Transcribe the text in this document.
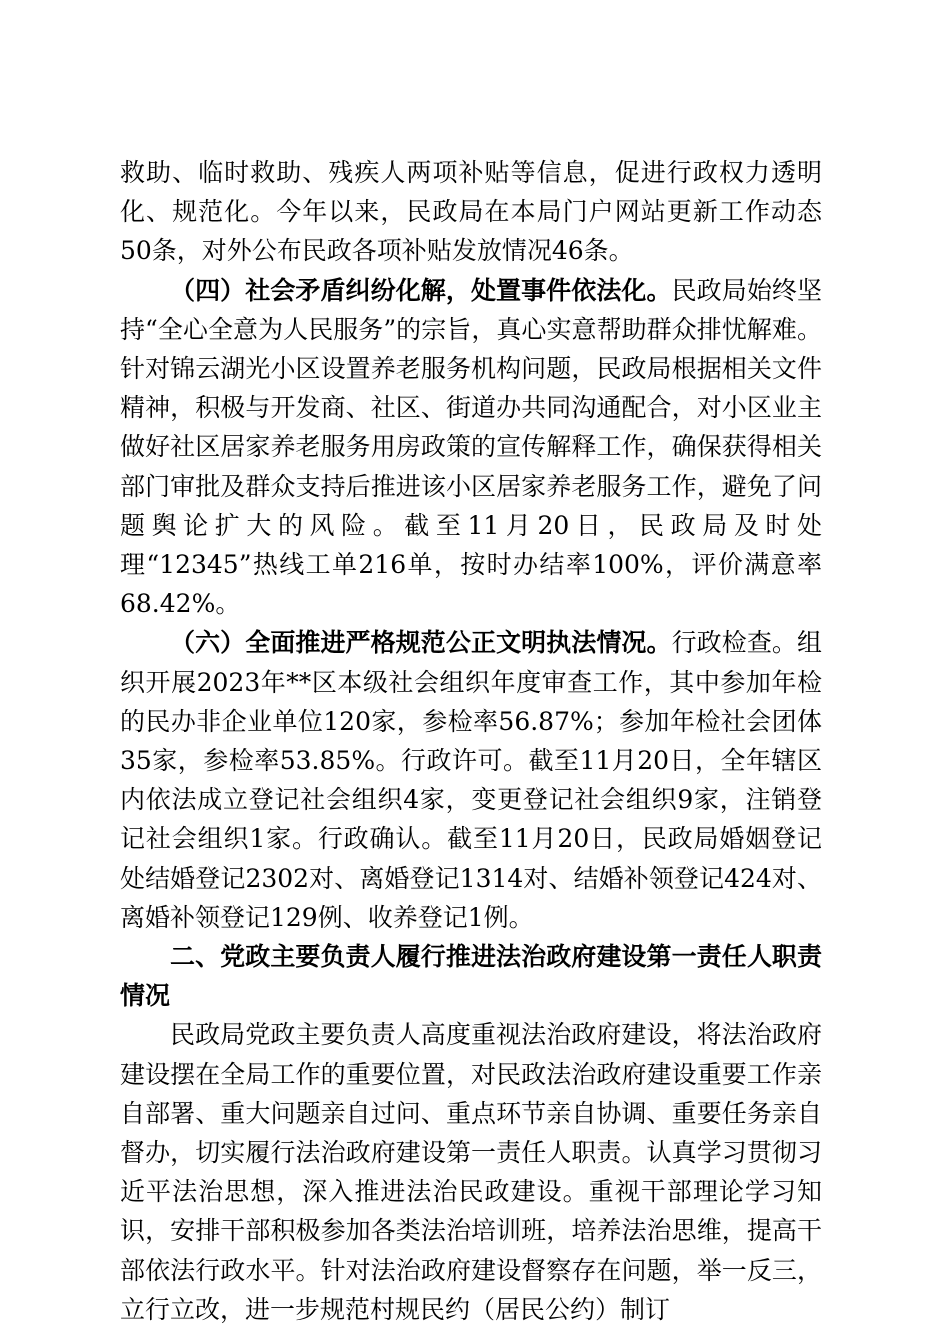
救助、临时救助、残疾人两项补贴等信息，促进行政权力透明化、规范化。今年以来，民政局在本局门户网站更新工作动态50条，对外公布民政各项补贴发放情况46条。

（四）社会矛盾纠纷化解，处置事件依法化。民政局始终坚持“全心全意为人民服务”的宗旨，真心实意帮助群众排忧解难。针对锦云湖光小区设置养老服务机构问题，民政局根据相关文件精神，积极与开发商、社区、街道办共同沟通配合，对小区业主做好社区居家养老服务用房政策的宣传解释工作，确保获得相关部门审批及群众支持后推进该小区居家养老服务工作，避免了问题舆论扩大的风险。截至11月20日，民政局及时处理“12345”热线工单216单，按时办结率100%，评价满意率68.42%。

（六）全面推进严格规范公正文明执法情况。行政检查。组织开展2023年**区本级社会组织年度审查工作，其中参加年检的民办非企业单位120家，参检率56.87%；参加年检社会团体35家，参检率53.85%。行政许可。截至11月20日，全年辖区内依法成立登记社会组织4家，变更登记社会组织9家，注销登记社会组织1家。行政确认。截至11月20日，民政局婚姻登记处结婚登记2302对、离婚登记1314对、结婚补领登记424对、离婚补领登记129例、收养登记1例。

二、党政主要负责人履行推进法治政府建设第一责任人职责情况

民政局党政主要负责人高度重视法治政府建设，将法治政府建设摆在全局工作的重要位置，对民政法治政府建设重要工作亲自部署、重大问题亲自过问、重点环节亲自协调、重要任务亲自督办，切实履行法治政府建设第一责任人职责。认真学习贯彻习近平法治思想，深入推进法治民政建设。重视干部理论学习知识，安排干部积极参加各类法治培训班，培养法治思维，提高干部依法行政水平。针对法治政府建设督察存在问题，举一反三，立行立改，进一步规范村规民约（居民公约）制订
